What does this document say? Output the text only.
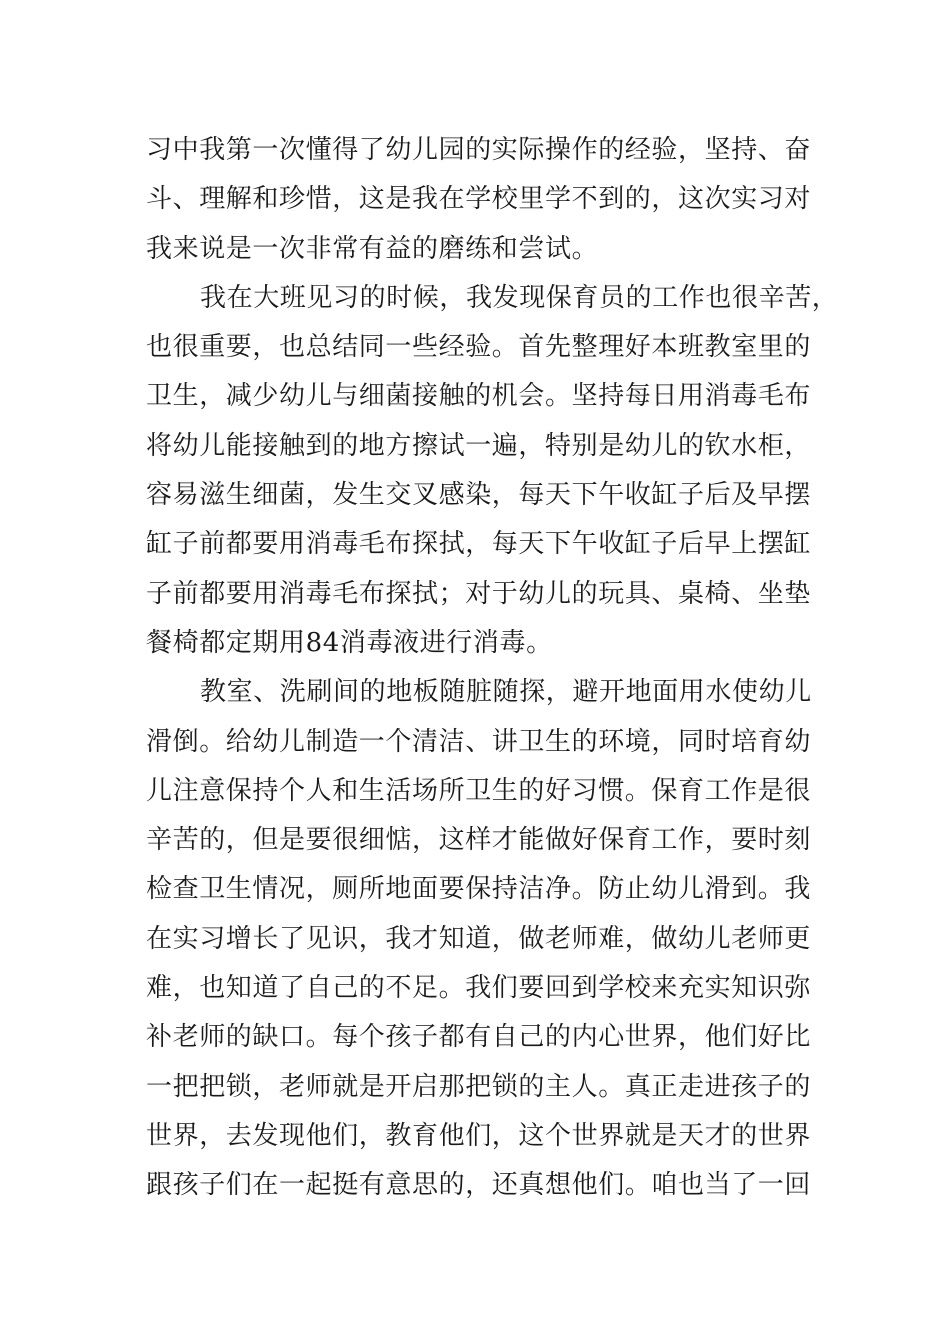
习中我第一次懂得了幼儿园的实际操作的经验，坚持、奋
斗、理解和珍惜，这是我在学校里学不到的，这次实习对
我来说是一次非常有益的磨练和尝试。
我在大班见习的时候，我发现保育员的工作也很辛苦，
也很重要，也总结同一些经验。首先整理好本班教室里的
卫生，减少幼儿与细菌接触的机会。坚持每日用消毒毛布
将幼儿能接触到的地方擦试一遍，特别是幼儿的钦水柜，
容易滋生细菌，发生交叉感染，每天下午收缸子后及早摆
缸子前都要用消毒毛布探拭，每天下午收缸子后早上摆缸
子前都要用消毒毛布探拭；对于幼儿的玩具、桌椅、坐垫
餐椅都定期用84消毒液进行消毒。
教室、洗刷间的地板随脏随探，避开地面用水使幼儿
滑倒。给幼儿制造一个清洁、讲卫生的环境，同时培育幼
儿注意保持个人和生活场所卫生的好习惯。保育工作是很
辛苦的，但是要很细惦，这样才能做好保育工作，要时刻
检查卫生情况，厕所地面要保持洁净。防止幼儿滑到。我
在实习增长了见识，我才知道，做老师难，做幼儿老师更
难，也知道了自己的不足。我们要回到学校来充实知识弥
补老师的缺口。每个孩子都有自己的内心世界，他们好比
一把把锁，老师就是开启那把锁的主人。真正走进孩子的
世界，去发现他们，教育他们，这个世界就是天才的世界
跟孩子们在一起挺有意思的，还真想他们。咱也当了一回
